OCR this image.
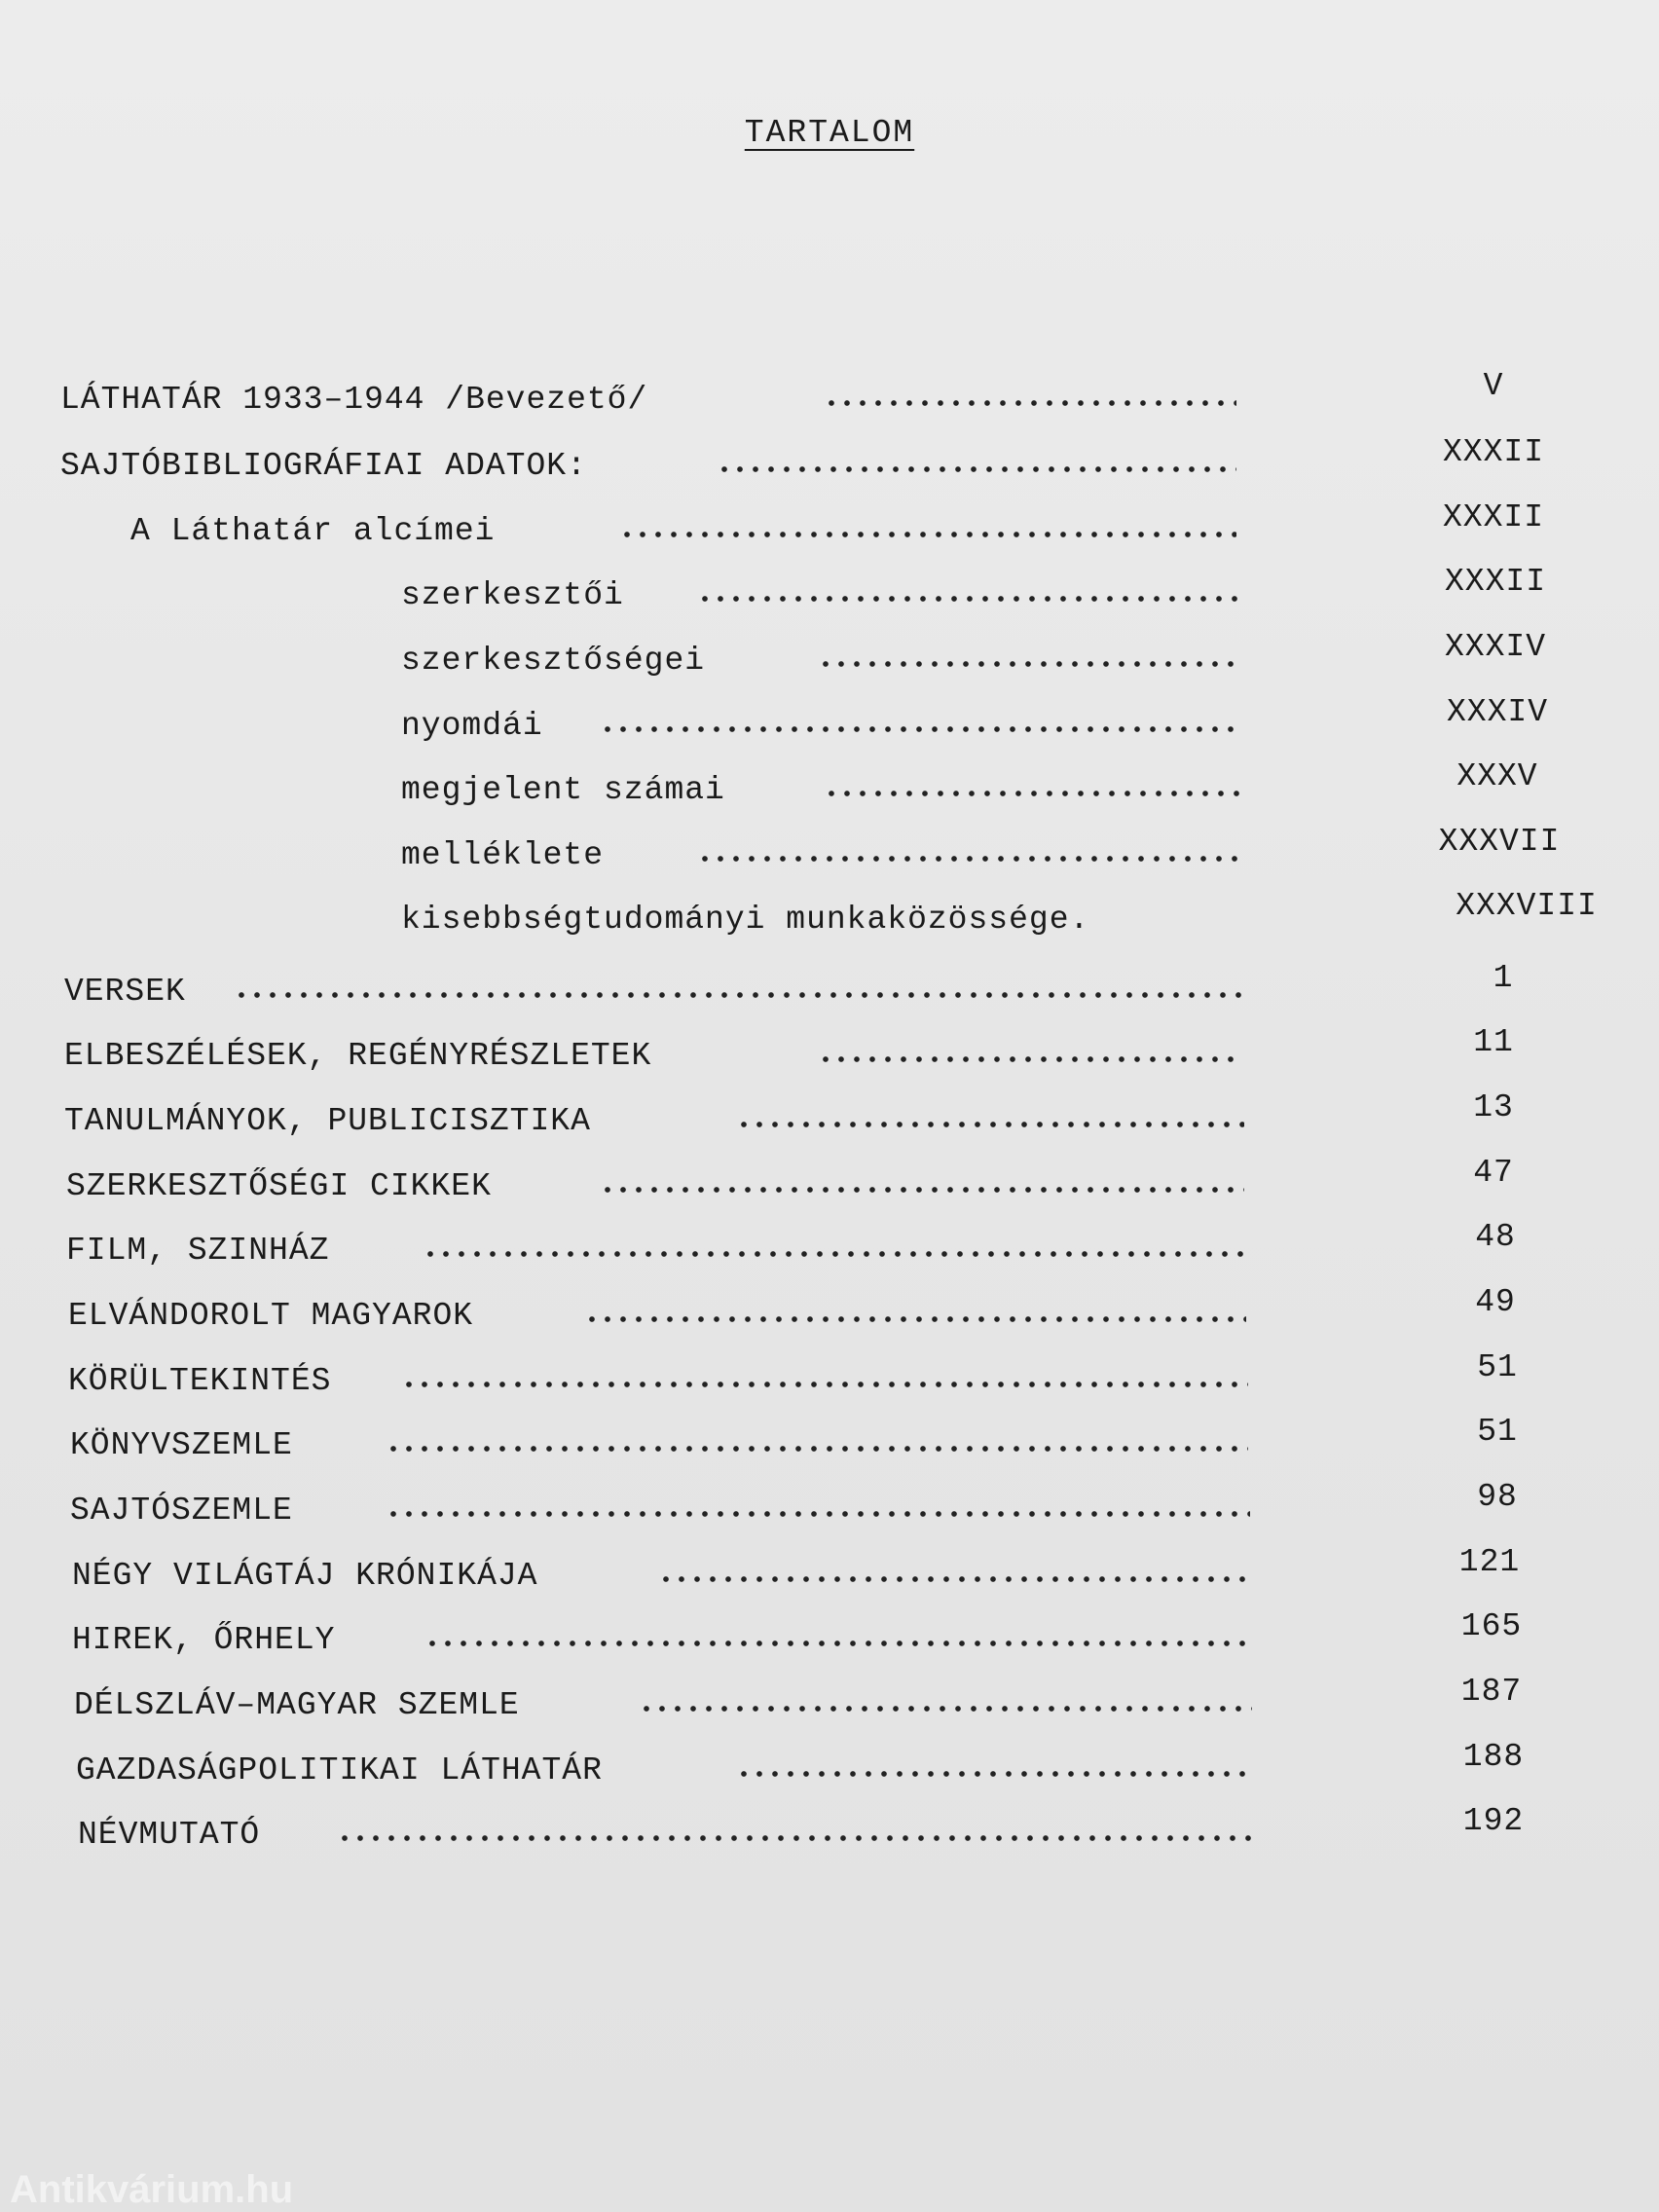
TARTALOM
LÁTHATÁR 1933–1944 /Bevezető/	V
SAJTÓBIBLIOGRÁFIAI ADATOK:	XXXII
A Láthatár alcímei	XXXII
szerkesztői	XXXII
szerkesztőségei	XXXIV
nyomdái	XXXIV
megjelent számai	XXXV
melléklete	XXXVII
kisebbségtudományi munkaközössége.	XXXVIII
VERSEK	1
ELBESZÉLÉSEK, REGÉNYRÉSZLETEK	11
TANULMÁNYOK, PUBLICISZTIKA	13
SZERKESZTŐSÉGI CIKKEK	47
FILM, SZINHÁZ	48
ELVÁNDOROLT MAGYAROK	49
KÖRÜLTEKINTÉS	51
KÖNYVSZEMLE	51
SAJTÓSZEMLE	98
NÉGY VILÁGTÁJ KRÓNIKÁJA	121
HIREK, ŐRHELY	165
DÉLSZLÁV–MAGYAR SZEMLE	187
GAZDASÁGPOLITIKAI LÁTHATÁR	188
NÉVMUTATÓ	192
Antikvárium.hu
